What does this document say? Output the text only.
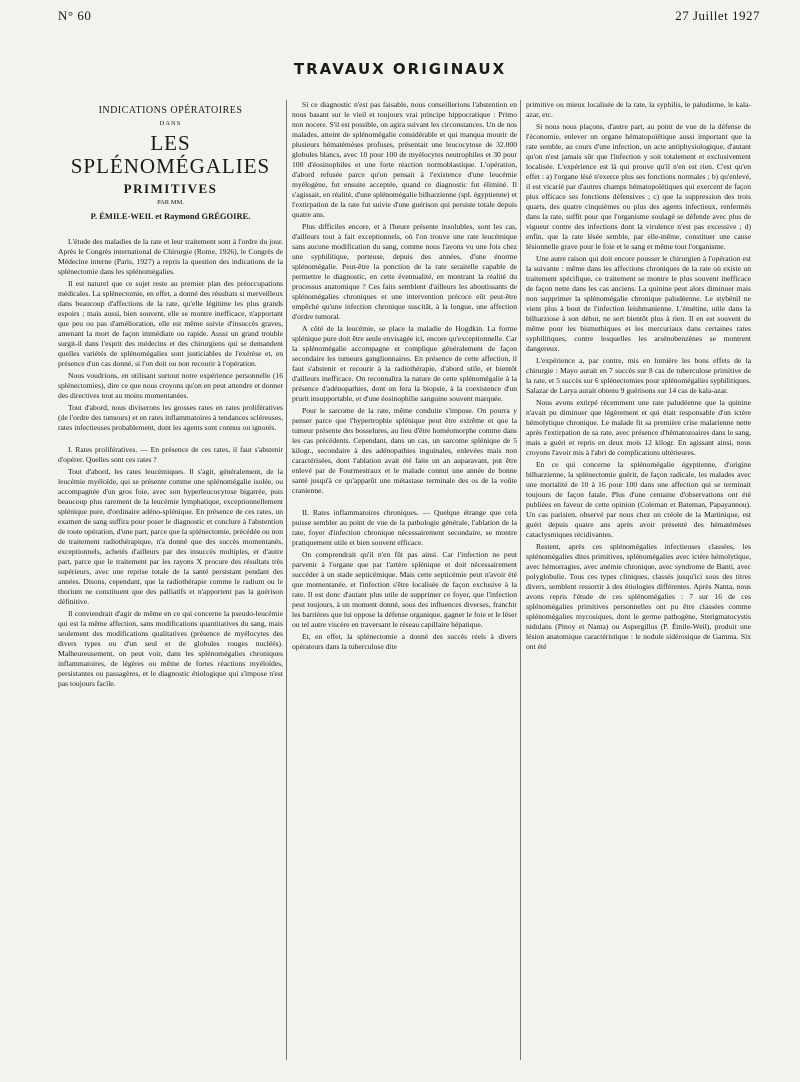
N° 60	27 Juillet 1927
TRAVAUX ORIGINAUX
INDICATIONS OPÉRATOIRES
DANS
LES SPLÉNOMÉGALIES
PRIMITIVES
PAR MM.
P. ÉMILE-WEIL et Raymond GRÉGOIRE.

L'étude des maladies de la rate et leur traitement sont à l'ordre du jour. Après le Congrès international de Chirurgie (Rome, 1926), le Congrès de Médecine interne (Paris, 1927) a repris la question des indications de la splénectomie dans les splénomégalies.

Il est naturel que ce sujet reste au premier plan des préoccupations médicales. La splénectomie, en effet, a donné des résultats si merveilleux dans beaucoup d'affections de la rate, qu'elle légitime les plus grands espoirs ; mais aussi, bien souvent, elle se montre inefficace, n'apportant que peu ou pas d'amélioration, elle est même suivie d'insuccès graves, amenant la mort de façon immédiate ou rapide. Aussi un grand trouble surgit-il dans l'esprit des médecins et des chirurgiens qui se demandent quelles variétés de splénomégalies sont justiciables de l'exérèse et, en présence d'un cas donné, si l'on doit ou non recourir à l'opération.

Nous voudrions, en utilisant surtout notre expérience personnelle (16 splénectomies), dire ce que nous croyons qu'on en peut attendre et donner des directives tout au moins momentanées.

Tout d'abord, nous diviserons les grosses rates en rates prolifératives (de l'ordre des tumeurs) et en rates inflammatoires à tendances scléreuses, rates infectieuses probablement, dont les agents sont connus ou ignorés.

I. Rates prolifératives. — En présence de ces rates, il faut s'abstenir d'opérer. Quelles sont ces rates ?

Tout d'abord, les rates leucémiques. Il s'agit, généralement, de la leucémie myéloïde, qui se présente comme une splénomégalie isolée, ou accompagnée d'un gros foie, avec son hyperleucocytose bigarrée, puis beaucoup plus rarement de la leucémie lymphatique, exceptionnellement splénique pure, d'ordinaire adéno-splénique. En présence de ces rates, un examen de sang suffira pour poser le diagnostic et conclure à l'abstention de toute opération, d'une part, parce que la splénectomie, précédée ou non de traitement radiothérapique, n'a donné que des succès momentanés, exceptionnels, achetés d'ailleurs par des insuccès multiples, et d'autre part, parce que le traitement par les rayons X procure des résultats très supérieurs, avec une reprise totale de la santé persistant pendant des années. Disons, cependant, que la radiothérapie comme le radium ou le thorium ne constituent que des palliatifs et n'apportent pas la guérison définitive.

Il conviendrait d'agir de même en ce qui concerne la pseudo-leucémie qui est la même affection, sans modifications quantitatives du sang, mais seulement des modifications qualitatives (présence de myélocytes des divers types ou d'un seul et de globules rouges nucléés). Malheureusement, on peut voir, dans les splénomégalies chroniques inflammatoires, de légères ou même de fortes réactions myéloïdes, persistantes ou passagères, et le diagnostic étiologique qui s'impose n'est pas toujours facile.

Si ce diagnostic n'est pas faisable, nous conseillerions l'abstention en nous basant sur le vieil et toujours vrai principe hippocratique : Primo non nocere. S'il est possible, on agira suivant les circonstances. Un de nos malades, atteint de splénomégalie considérable et qui manqua mourir de plusieurs hématémèses profuses, présentait une leucocytose de 32.000 globules blancs, avec 10 pour 100 de myélocytes neutrophiles et 30 pour 100 d'éosinophiles et une forte réaction normoblastique. L'opération, d'abord refusée parce qu'on pensait à l'existence d'une leucémie myélogène, fut ensuite acceptée, quand ce diagnostic fut éliminé. Il s'agissait, en réalité, d'une splénomégalie bilharzienne (spl. égyptienne) et l'extirpation de la rate fut suivie d'une guérison qui persiste totale depuis quatre ans.

Plus difficiles encore, et à l'heure présente insolubles, sont les cas, d'ailleurs tout à fait exceptionnels, où l'on trouve une rate leucémique sans aucune modification du sang, comme nous l'avons vu une fois chez une syphilitique, porteuse, depuis des années, d'une énorme splénomégalie. Peut-être la ponction de la rate seraitelle capable de permettre le diagnostic, en cette éventualité, en montrant la réalité du processus anatomique ? Ces faits semblent d'ailleurs les aboutissants de splénomégalies chroniques et une intervention précoce eût peut-être empêché qu'une infection chronique suscitât, à la longue, une affection d'ordre tumoral.

A côté de la leucémie, se place la maladie de Hogdkin. La forme splénique pure doit être seule envisagée ici, encore qu'exceptionnelle. Car la splénomégalie accompagne et complique généralement de façon secondaire les tumeurs ganglionnaires. En présence de cette affection, il faut s'abstenir et recourir à la radiothérapie, d'abord utile, et bientôt d'ailleurs inefficace. On reconnaîtra la nature de cette splénomégalie à la présence d'adénopathies, dont on fera la biopsie, à la coexistence d'un prurit insupportable, et d'une éosinophilie sanguine souvent marquée.

Pour le sarcome de la rate, même conduite s'impose. On pourra y penser parce que l'hypertrophie splénique peut être extrême et que la tumeur présente des bosselures, au lieu d'être homéomorphe comme dans les cas précédents. Cependant, dans un cas, un sarcome splénique de 5 kilogr., secondaire à des adénopathies inguinales, enlevées mais non caractérisées, dont l'ablation avait été faite un an auparavant, put être enlevé par de Fourmestraux et le malade connut une année de bonne santé jusqu'à ce qu'apparût une métastase terminale des os de la voûte cranienne.

II. Rates inflammatoires chroniques. — Quelque étrange que cela puisse sembler au point de vue de la pathologie générale, l'ablation de la rate, foyer d'infection chronique nécessairement secondaire, se montre pratiquement utile et bien souvent efficace.

On comprendrait qu'il n'en fût pas ainsi. Car l'infection ne peut parvenir à l'organe que par l'artère splénique et doit nécessairement succéder à un stade septicémique. Mais cette septicémie peut n'avoir été que momentanée, et l'infection s'être localisée de façon exclusive à la rate. Il est donc d'autant plus utile de supprimer ce foyer, que l'infection peut toujours, à un moment donné, sous des influences diverses, franchir les barrières que lui oppose la défense organique, gagner le foie et le léser ou tel autre viscère en traversant le réseau capillaire hépatique.

Et, en effet, la splénectomie a donné des succès réels à divers opérateurs dans la tuberculose dite

primitive ou mieux localisée de la rate, la syphilis, le paludisme, le kala-azar, etc.

Si nous nous plaçons, d'autre part, au point de vue de la défense de l'économie, enlever un organe hématopoïétique aussi important que la rate semble, au cours d'une infection, un acte antiphysiologique, d'autant qu'on n'est jamais sûr que l'infection y soit totalement et exclusivement localisée. L'expérience est là qui prouve qu'il n'en est rien. C'est qu'en effet : a) l'organe lésé n'exerce plus ses fonctions normales ; b) qu'enlevé, il est vicarié par d'autres champs hématopoïétiques qui exercent de façon plus efficace ses fonctions défensives ; c) que la suppression des trois quarts, des quatre cinquièmes ou plus des agents infectieux, renfermés dans la rate, suffit pour que l'organisme soulagé se défende avec plus de vigueur contre des infections dont la virulence n'est pas excessive ; d) enfin, que la rate lésée semble, par elle-même, constituer une cause lésionnelle grave pour le foie et le sang et même tout l'organisme.

Une autre raison qui doit encore pousser le chirurgien à l'opération est la suivante : même dans les affections chroniques de la rate où existe un traitement spécifique, ce traitement se montre le plus souvent inefficace de façon nette dans les cas anciens. La quinine peut alors diminuer mais non supprimer la splénomégalie chronique paludéenne. Le stybénil ne vient plus à bout de l'infection leishmanienne. L'émétine, utile dans la bilharziose à son début, ne sert bientôt plus à rien. Il en est souvent de même pour les bismuthiques et les mercuriaux dans certaines rates syphilitiques, contre lesquelles les arsénobenzènes se montrent dangereux.

L'expérience a, par contre, mis en lumière les bons effets de la chirurgie : Mayo aurait en 7 succès sur 8 cas de tuberculose primitive de la rate, et 5 succès sur 6 splénectomies pour splénomégalies syphilitiques. Salazar de Larya aurait obtenu 9 guérisons sur 14 cas de kala-azar.

Nous avons extirpé récemment une rate paludéenne que la quinine n'avait pu diminuer que légèrement et qui était responsable d'un ictère hémolytique chronique. Le malade fit sa première crise malarienne nette après l'extirpation de sa rate, avec présence d'hématozoaires dans le sang, mais a guéri et repris en deux mois 12 kilogr. En agissant ainsi, nous croyons l'avoir mis à l'abri de complications ultérieures.

En ce qui concerne la splénomégalie égyptienne, d'origine bilharzienne, la splénectomie guérit, de façon radicale, les malades avec une mortalité de 10 à 16 pour 100 dans une affection qui se terminait toujours de façon fatale. Plus d'une centaine d'observations ont été publiées en faveur de cette opinion (Coleman et Bateman, Papayannou). Un cas parisien, observé par nous chez un créole de la Martinique, est guéri depuis quatre ans après avoir présenté des hématémèses cataclysmiques récidivantes.

Restent, après ces splénomégalies infectieuses classées, les splénomégalies dites primitives, splénomégalies avec ictère hémolytique, avec hémorragies, avec anémie chronique, avec syndrome de Banti, avec polyglobulie. Tous ces types cliniques, classés jusqu'ici sous des titres divers, semblent ressortir à des étiologies différentes. Après Nanta, nous avons repris l'étude de ces splénomégalies : 7 sur 16 de ces splénomégalies primitives personnelles ont pu être classées comme splénomégalies mycosiques, dont le germe pathogène, Sterigmatocystis nidulans (Pinoy et Nanta) ou Aspergillus (P. Émile-Weil), produit une lésion anatomique caractéristique : le nodule sidérosique de Gamma. Six ont été
